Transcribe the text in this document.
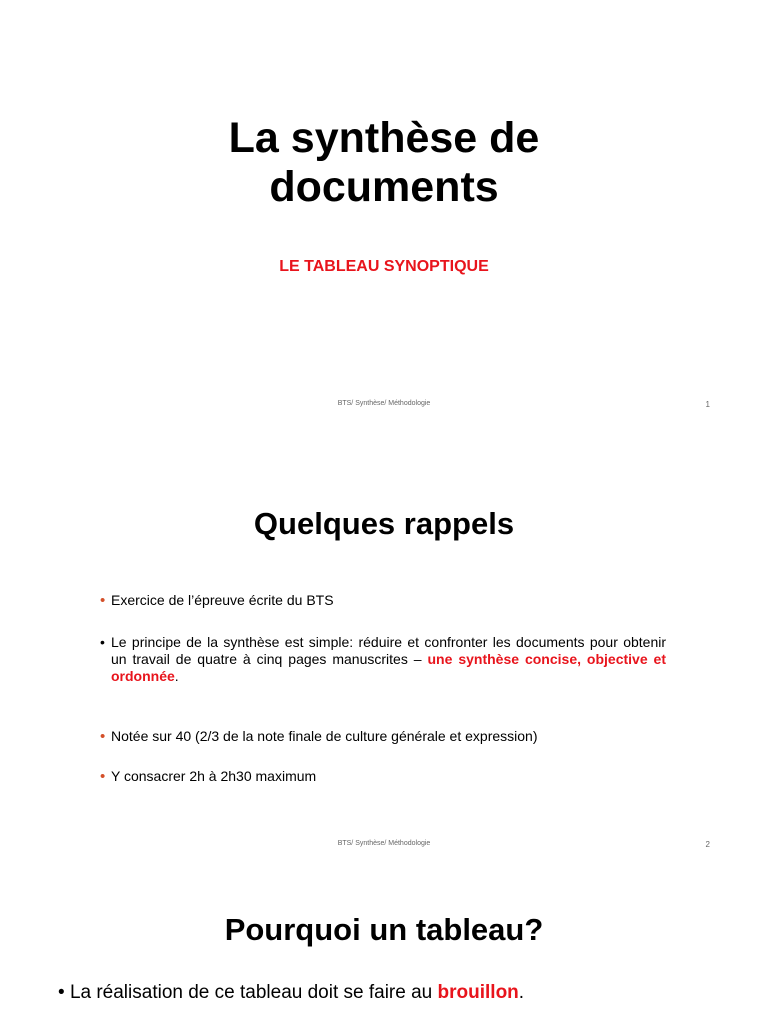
La synthèse de
documents

LE TABLEAU SYNOPTIQUE

BTS/ Synthèse/ Méthodologie	1
Quelques rappels
• Exercice de l’épreuve écrite du BTS
• Le principe de la synthèse est simple: réduire et confronter les documents pour obtenir un travail de quatre à cinq pages manuscrites – une synthèse concise, objective et ordonnée.
• Notée sur 40 (2/3 de la note finale de culture générale et expression)
• Y consacrer 2h à 2h30 maximum
BTS/ Synthèse/ Méthodologie	2
Pourquoi un tableau?
• La réalisation de ce tableau doit se faire au brouillon.
